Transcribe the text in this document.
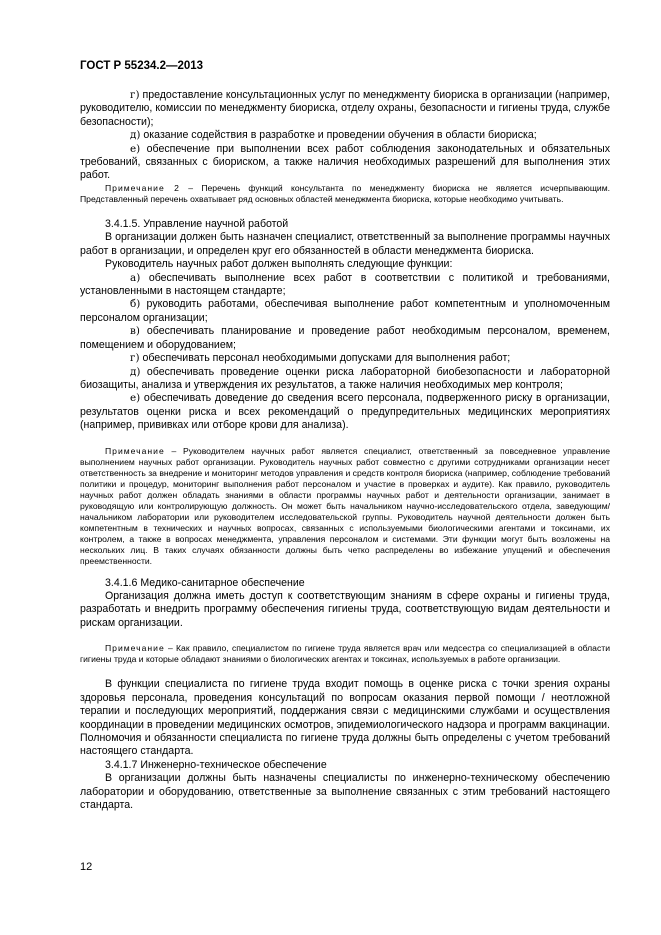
ГОСТ Р 55234.2—2013

г) предоставление консультационных услуг по менеджменту биориска в организации (например, руководителю, комиссии по менеджменту биориска, отделу охраны, безопасности и гигиены труда, службе безопасности);

д) оказание содействия в разработке и проведении обучения в области биориска;

е) обеспечение при выполнении всех работ соблюдения законодательных и обязательных требований, связанных с биориском, а также наличия необходимых разрешений для выполнения этих работ.

Примечание 2 – Перечень функций консультанта по менеджменту биориска не является исчерпывающим. Представленный перечень охватывает ряд основных областей менеджмента биориска, которые необходимо учитывать.

3.4.1.5. Управление научной работой

В организации должен быть назначен специалист, ответственный за выполнение программы научных работ в организации, и определен круг его обязанностей в области менеджмента биориска.

Руководитель научных работ должен выполнять следующие функции:

а) обеспечивать выполнение всех работ в соответствии с политикой и требованиями, установленными в настоящем стандарте;

б) руководить работами, обеспечивая выполнение работ компетентным и уполномоченным персоналом организации;

в) обеспечивать планирование и проведение работ необходимым персоналом, временем, помещением и оборудованием;

г) обеспечивать персонал необходимыми допусками для выполнения работ;

д) обеспечивать проведение оценки риска лабораторной биобезопасности и лабораторной биозащиты, анализа и утверждения их результатов, а также наличия необходимых мер контроля;

е) обеспечивать доведение до сведения всего персонала, подверженного риску в организации, результатов оценки риска и всех рекомендаций о предупредительных медицинских мероприятиях (например, прививках или отборе крови для анализа).

Примечание – Руководителем научных работ является специалист, ответственный за повседневное управление выполнением научных работ организации. Руководитель научных работ совместно с другими сотрудниками организации несет ответственность за внедрение и мониторинг методов управления и средств контроля биориска (например, соблюдение требований политики и процедур, мониторинг выполнения работ персоналом и участие в проверках и аудите). Как правило, руководитель научных работ должен обладать знаниями в области программы научных работ и деятельности организации, занимает в руководящую или контролирующую должность. Он может быть начальником научно-исследовательского отдела, заведующим/начальником лаборатории или руководителем исследовательской группы. Руководитель научной деятельности должен быть компетентным в технических и научных вопросах, связанных с используемыми биологическими агентами и токсинами, их контролем, а также в вопросах менеджмента, управления персоналом и системами. Эти функции могут быть возложены на нескольких лиц. В таких случаях обязанности должны быть четко распределены во избежание упущений и обеспечения преемственности.

3.4.1.6 Медико-санитарное обеспечение

Организация должна иметь доступ к соответствующим знаниям в сфере охраны и гигиены труда, разработать и внедрить программу обеспечения гигиены труда, соответствующую видам деятельности и рискам организации.

Примечание – Как правило, специалистом по гигиене труда является врач или медсестра со специализацией в области гигиены труда и которые обладают знаниями о биологических агентах и токсинах, используемых в работе организации.

В функции специалиста по гигиене труда входит помощь в оценке риска с точки зрения охраны здоровья персонала, проведения консультаций по вопросам оказания первой помощи / неотложной терапии и последующих мероприятий, поддержания связи с медицинскими службами и осуществления координации в проведении медицинских осмотров, эпидемиологического надзора и программ вакцинации. Полномочия и обязанности специалиста по гигиене труда должны быть определены с учетом требований настоящего стандарта.

3.4.1.7 Инженерно-техническое обеспечение

В организации должны быть назначены специалисты по инженерно-техническому обеспечению лаборатории и оборудованию, ответственные за выполнение связанных с этим требований настоящего стандарта.

12
